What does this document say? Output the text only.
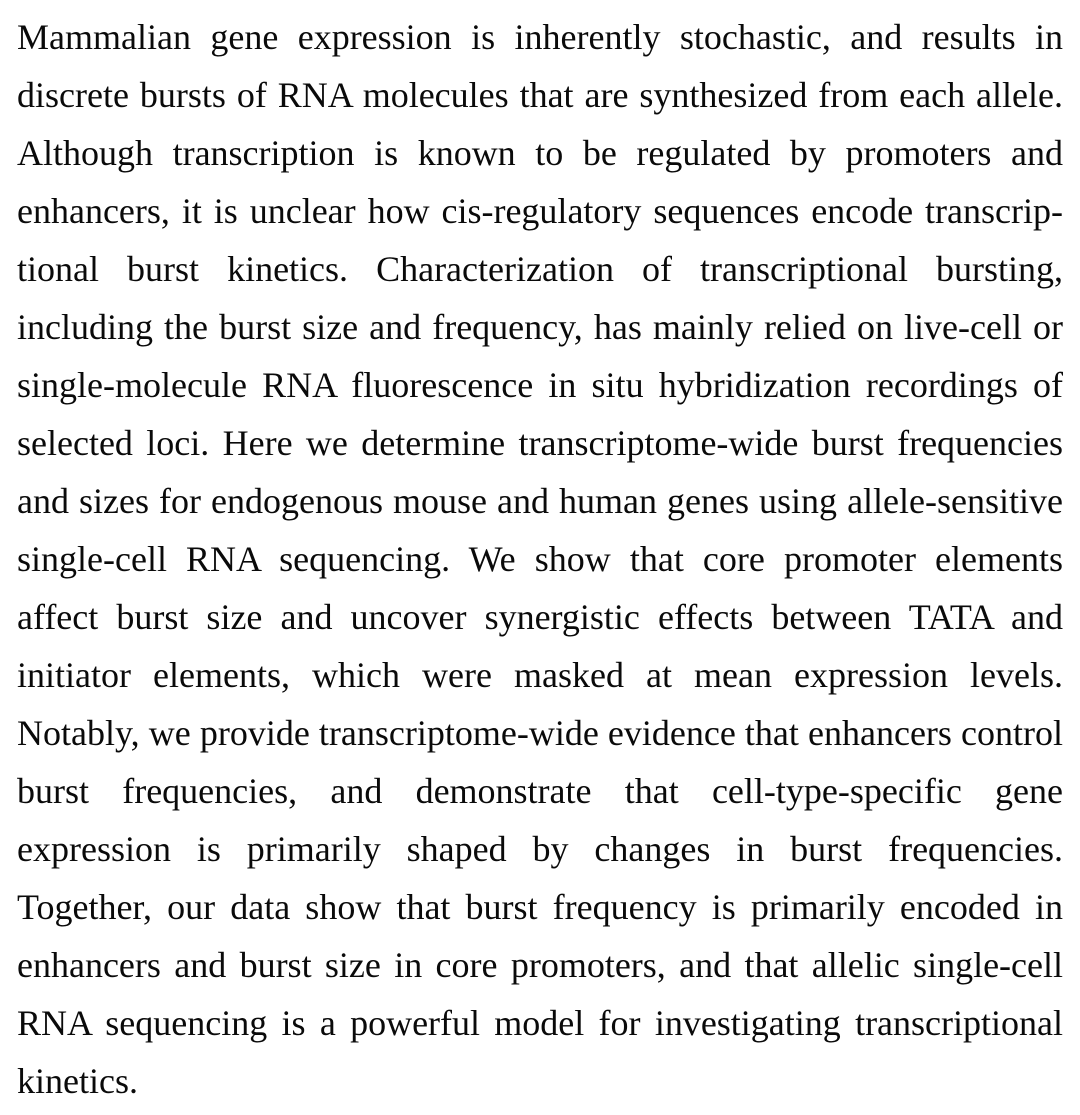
Mammalian gene expression is inherently stochastic, and results in
discrete bursts of RNA molecules that are synthesized from each allele.
Although transcription is known to be regulated by promoters and
enhancers, it is unclear how cis-regulatory sequences encode transcrip-
tional burst kinetics. Characterization of transcriptional bursting,
including the burst size and frequency, has mainly relied on live-cell or
single-molecule RNA fluorescence in situ hybridization recordings of
selected loci. Here we determine transcriptome-wide burst frequencies
and sizes for endogenous mouse and human genes using allele-sensitive
single-cell RNA sequencing. We show that core promoter elements
affect burst size and uncover synergistic effects between TATA and
initiator elements, which were masked at mean expression levels.
Notably, we provide transcriptome-wide evidence that enhancers control
burst frequencies, and demonstrate that cell-type-specific gene
expression is primarily shaped by changes in burst frequencies.
Together, our data show that burst frequency is primarily encoded in
enhancers and burst size in core promoters, and that allelic single-cell
RNA sequencing is a powerful model for investigating transcriptional
kinetics.
